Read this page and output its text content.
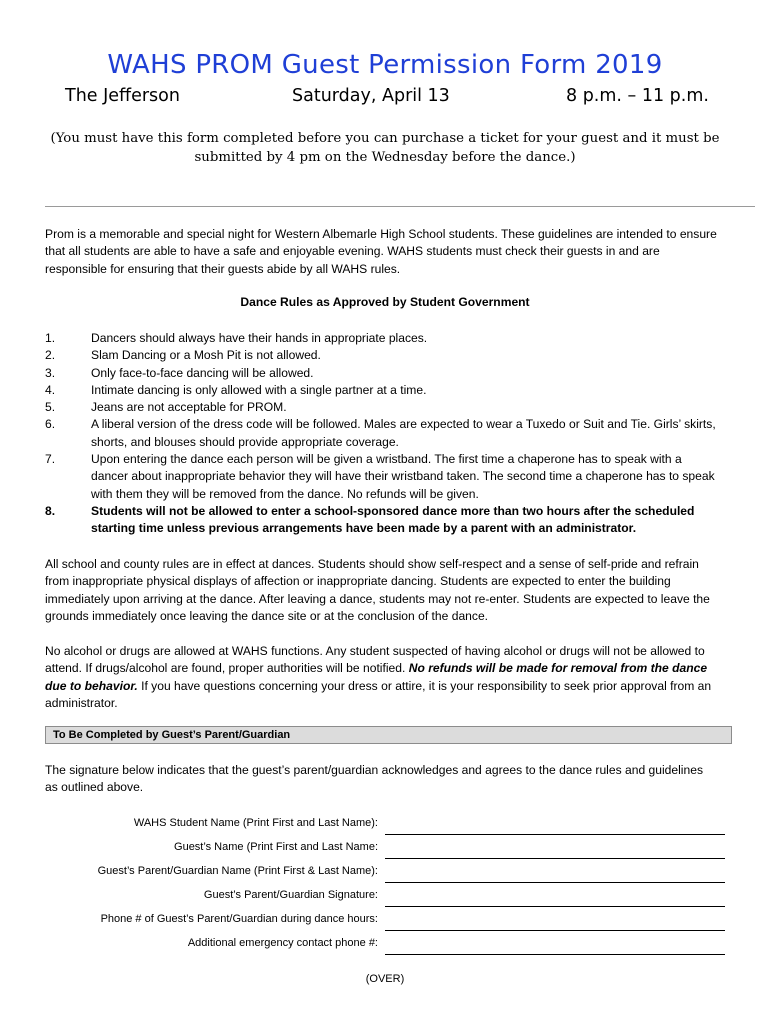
WAHS PROM Guest Permission Form 2019
The Jefferson	Saturday, April 13	8 p.m. – 11 p.m.
(You must have this form completed before you can purchase a ticket for your guest and it must be submitted by 4 pm on the Wednesday before the dance.)
Prom is a memorable and special night for Western Albemarle High School students. These guidelines are intended to ensure that all students are able to have a safe and enjoyable evening. WAHS students must check their guests in and are responsible for ensuring that their guests abide by all WAHS rules.
Dance Rules as Approved by Student Government
1.	Dancers should always have their hands in appropriate places.
2.	Slam Dancing or a Mosh Pit is not allowed.
3.	Only face-to-face dancing will be allowed.
4.	Intimate dancing is only allowed with a single partner at a time.
5.	Jeans are not acceptable for PROM.
6.	A liberal version of the dress code will be followed. Males are expected to wear a Tuxedo or Suit and Tie. Girls’ skirts, shorts, and blouses should provide appropriate coverage.
7.	Upon entering the dance each person will be given a wristband. The first time a chaperone has to speak with a dancer about inappropriate behavior they will have their wristband taken. The second time a chaperone has to speak with them they will be removed from the dance. No refunds will be given.
8.	Students will not be allowed to enter a school-sponsored dance more than two hours after the scheduled starting time unless previous arrangements have been made by a parent with an administrator.
All school and county rules are in effect at dances. Students should show self-respect and a sense of self-pride and refrain from inappropriate physical displays of affection or inappropriate dancing. Students are expected to enter the building immediately upon arriving at the dance. After leaving a dance, students may not re-enter. Students are expected to leave the grounds immediately once leaving the dance site or at the conclusion of the dance.
No alcohol or drugs are allowed at WAHS functions. Any student suspected of having alcohol or drugs will not be allowed to attend. If drugs/alcohol are found, proper authorities will be notified. No refunds will be made for removal from the dance due to behavior. If you have questions concerning your dress or attire, it is your responsibility to seek prior approval from an administrator.
To Be Completed by Guest’s Parent/Guardian
The signature below indicates that the guest’s parent/guardian acknowledges and agrees to the dance rules and guidelines as outlined above.
WAHS Student Name (Print First and Last Name):
Guest’s Name (Print First and Last Name:
Guest’s Parent/Guardian Name (Print First & Last Name):
Guest’s Parent/Guardian Signature:
Phone # of Guest’s Parent/Guardian during dance hours:
Additional emergency contact phone #:
(OVER)
